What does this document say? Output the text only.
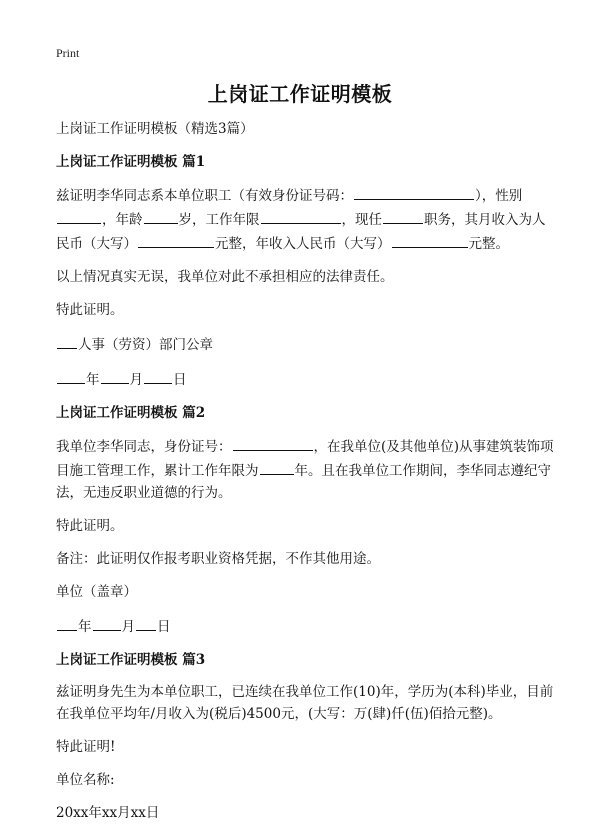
Print
上岗证工作证明模板

上岗证工作证明模板（精选3篇）

上岗证工作证明模板 篇1

兹证明李华同志系本单位职工（有效身份证号码：	），性别，年龄	岁，工作年限	，现任	职务，其月收入为人民币（大写）	元整，年收入人民币（大写）	元整。

以上情况真实无误，我单位对此不承担相应的法律责任。

特此证明。

人事（劳资）部门公章

年 月 日

上岗证工作证明模板 篇2

我单位李华同志，身份证号：	，在我单位(及其他单位)从事建筑装饰项目施工管理工作，累计工作年限为	年。且在我单位工作期间，李华同志遵纪守法，无违反职业道德的行为。

特此证明。

备注：此证明仅作报考职业资格凭据，不作其他用途。

单位（盖章）

年 月 日

上岗证工作证明模板 篇3

兹证明身先生为本单位职工，已连续在我单位工作(10)年，学历为(本科)毕业，目前在我单位平均年/月收入为(税后)4500元，(大写：万(肆)仟(伍)佰拾元整)。

特此证明!

单位名称:

20xx年xx月xx日
